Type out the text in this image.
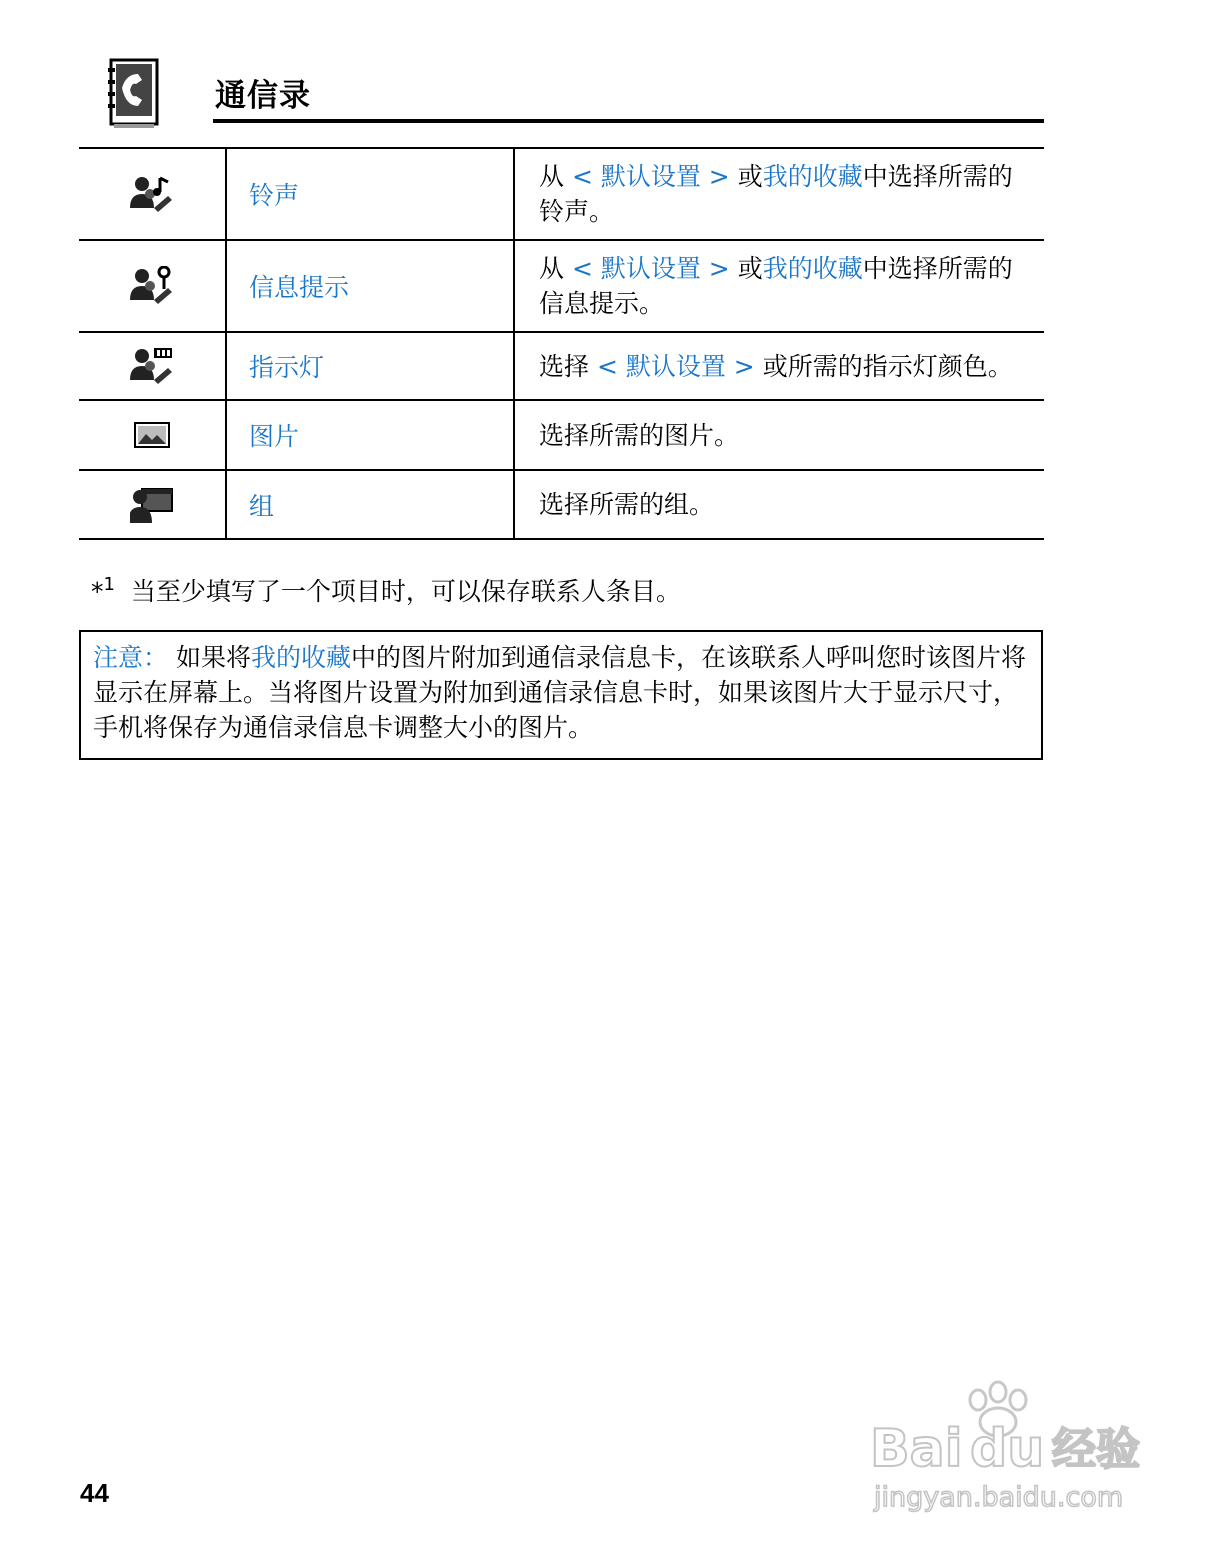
通信录
	铃声	从 < 默认设置 > 或我的收藏中选择所需的铃声。
	信息提示	从 < 默认设置 > 或我的收藏中选择所需的信息提示。
	指示灯	选择 < 默认设置 > 或所需的指示灯颜色。
	图片	选择所需的图片。
	组	选择所需的组。
*$^1$ 当至少填写了一个项目时，可以保存联系人条目。
注意： 如果将我的收藏中的图片附加到通信录信息卡，在该联系人呼叫您时该图片将显示在屏幕上。当将图片设置为附加到通信录信息卡时，如果该图片大于显示尺寸，手机将保存为通信录信息卡调整大小的图片。
44
Bai du 经验
jingyan.baidu.com
